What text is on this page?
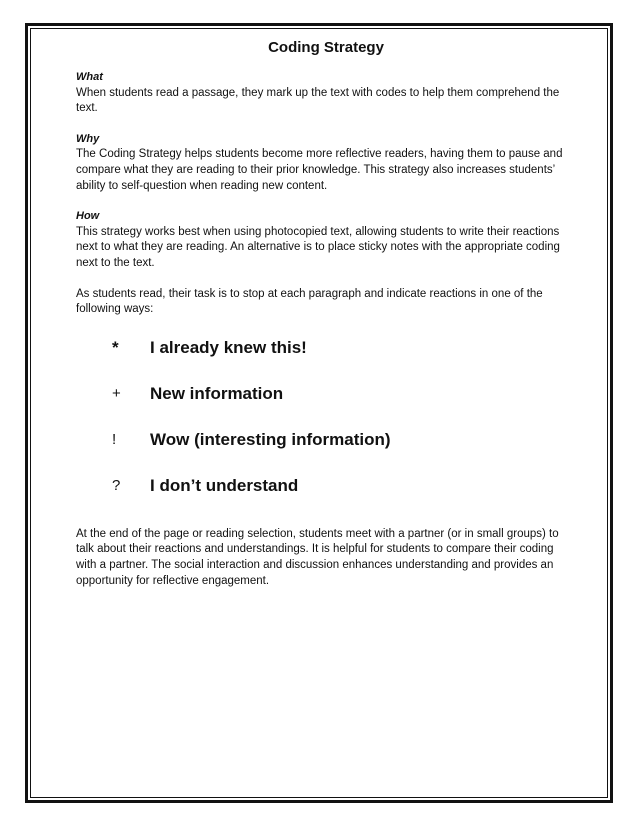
Coding Strategy

What

When students read a passage, they mark up the text with codes to help them comprehend the text.

Why

The Coding Strategy helps students become more reflective readers, having them to pause and compare what they are reading to their prior knowledge. This strategy also increases students’ ability to self-question when reading new content.

How

This strategy works best when using photocopied text, allowing students to write their reactions next to what they are reading. An alternative is to place sticky notes with the appropriate coding next to the text.

As students read, their task is to stop at each paragraph and indicate reactions in one of the following ways:

*	I already knew this!
+	New information
!	Wow (interesting information)
?	I don’t understand

At the end of the page or reading selection, students meet with a partner (or in small groups) to talk about their reactions and understandings. It is helpful for students to compare their coding with a partner. The social interaction and discussion enhances understanding and provides an opportunity for reflective engagement.
